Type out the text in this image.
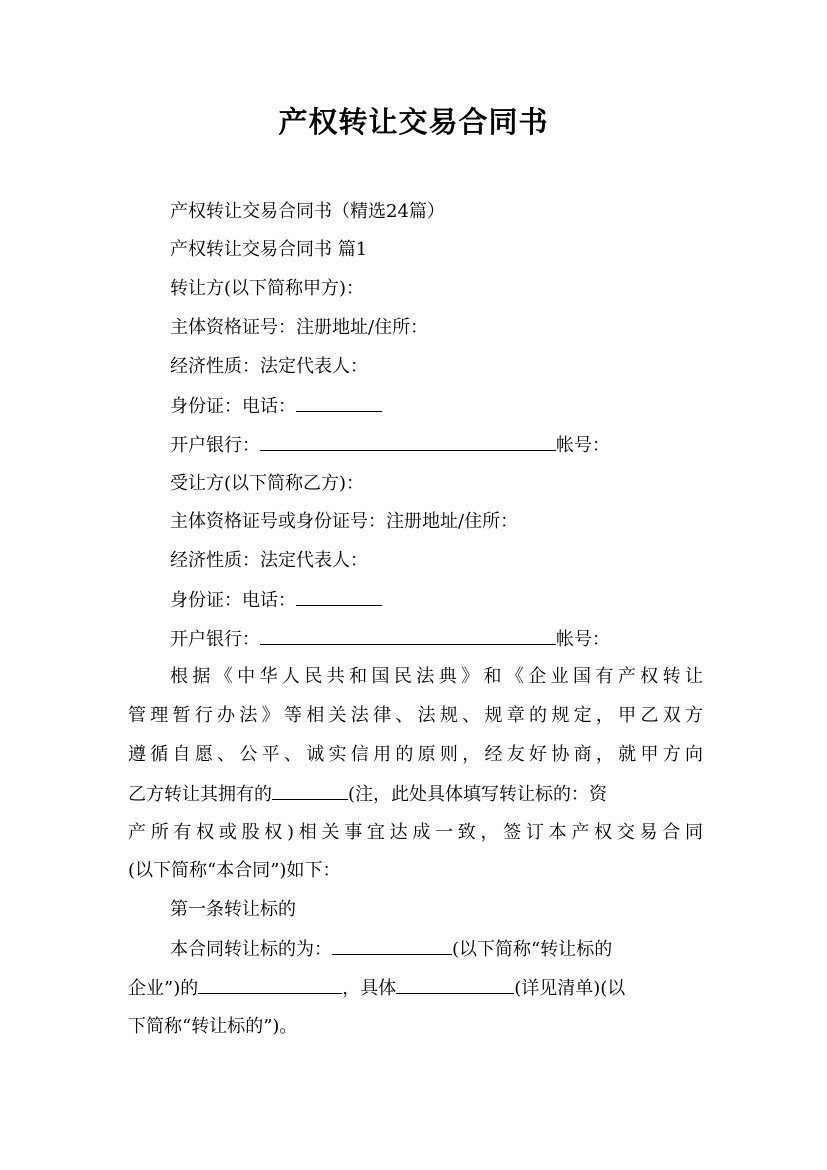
产权转让交易合同书

产权转让交易合同书（精选24篇）

产权转让交易合同书 篇1

转让方(以下简称甲方)：

主体资格证号：注册地址/住所：

经济性质：法定代表人：

身份证：电话：

开户银行：	帐号：

受让方(以下简称乙方)：

主体资格证号或身份证号：注册地址/住所：

经济性质：法定代表人：

身份证：电话：

开户银行：	帐号：

根据《中华人民共和国民法典》和《企业国有产权转让

管理暂行办法》等相关法律、法规、规章的规定，甲乙双方

遵循自愿、公平、诚实信用的原则，经友好协商，就甲方向

乙方转让其拥有的	(注，此处具体填写转让标的：资

产所有权或股权)相关事宜达成一致，签订本产权交易合同

(以下简称“本合同”)如下：

第一条转让标的

本合同转让标的为：	(以下简称“转让标的

企业”)的	，具体	(详见清单)(以

下简称“转让标的”)。
